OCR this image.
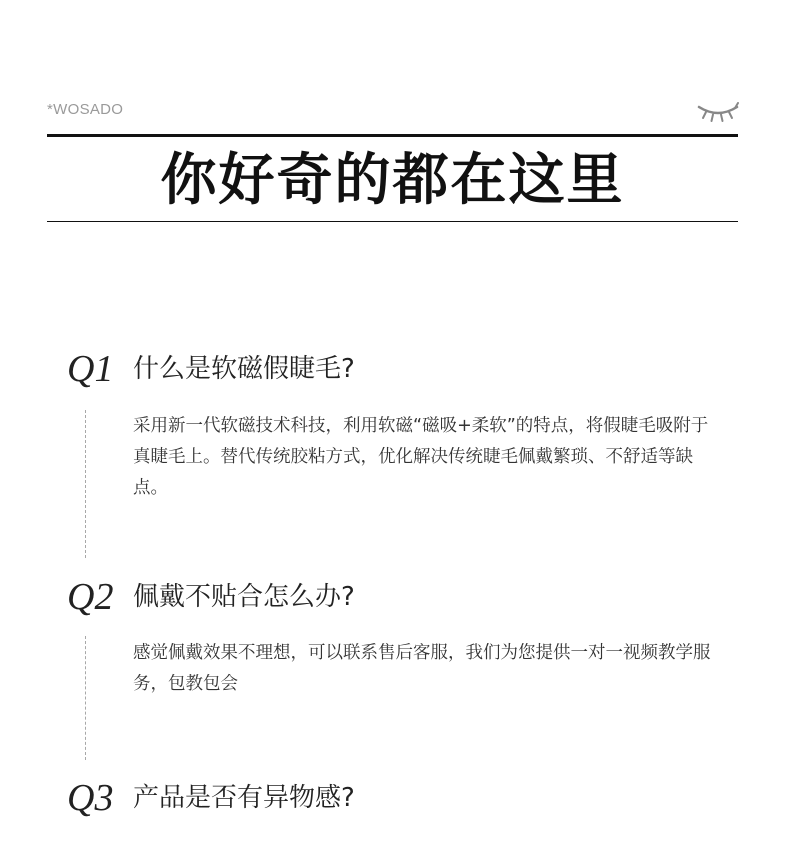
*WOSADO
你好奇的都在这里
Q1 什么是软磁假睫毛?

采用新一代软磁技术科技，利用软磁“磁吸+柔软”的特点，将假睫毛吸附于真睫毛上。替代传统胶粘方式，优化解决传统睫毛佩戴繁琐、不舒适等缺点。

Q2 佩戴不贴合怎么办?

感觉佩戴效果不理想，可以联系售后客服，我们为您提供一对一视频教学服务，包教包会

Q3 产品是否有异物感?
